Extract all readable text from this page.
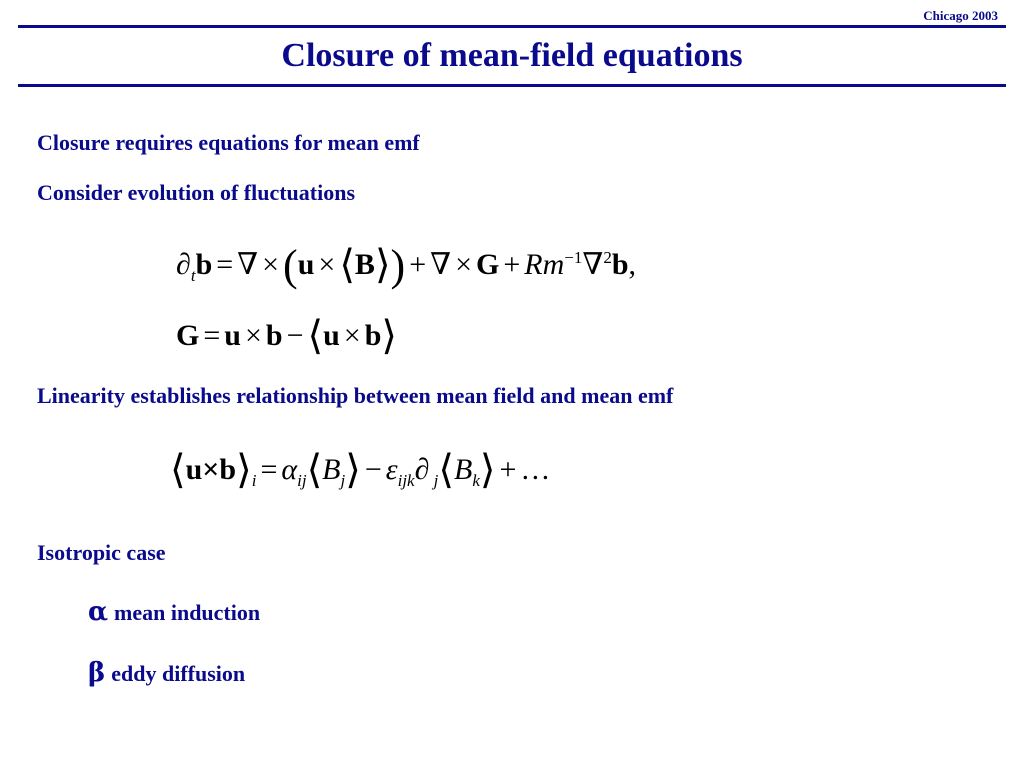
Chicago 2003
Closure of mean-field equations
Closure requires equations for mean emf
Consider evolution of fluctuations
$\partial_tb$ = ∇ ×(u × ⟨B⟩) + ∇ × $G + Rm^{-1}\nabla^2b$,
G = u × b − ⟨u × b⟩
Linearity establishes relationship between mean field and mean emf
$⟨u\times b⟩_i$ = $\alpha_{ij}⟨B_j⟩ - \varepsilon_{ijk}\partial$ $_j⟨B_k⟩$ + …
Isotropic case
α mean induction
β eddy diffusion
